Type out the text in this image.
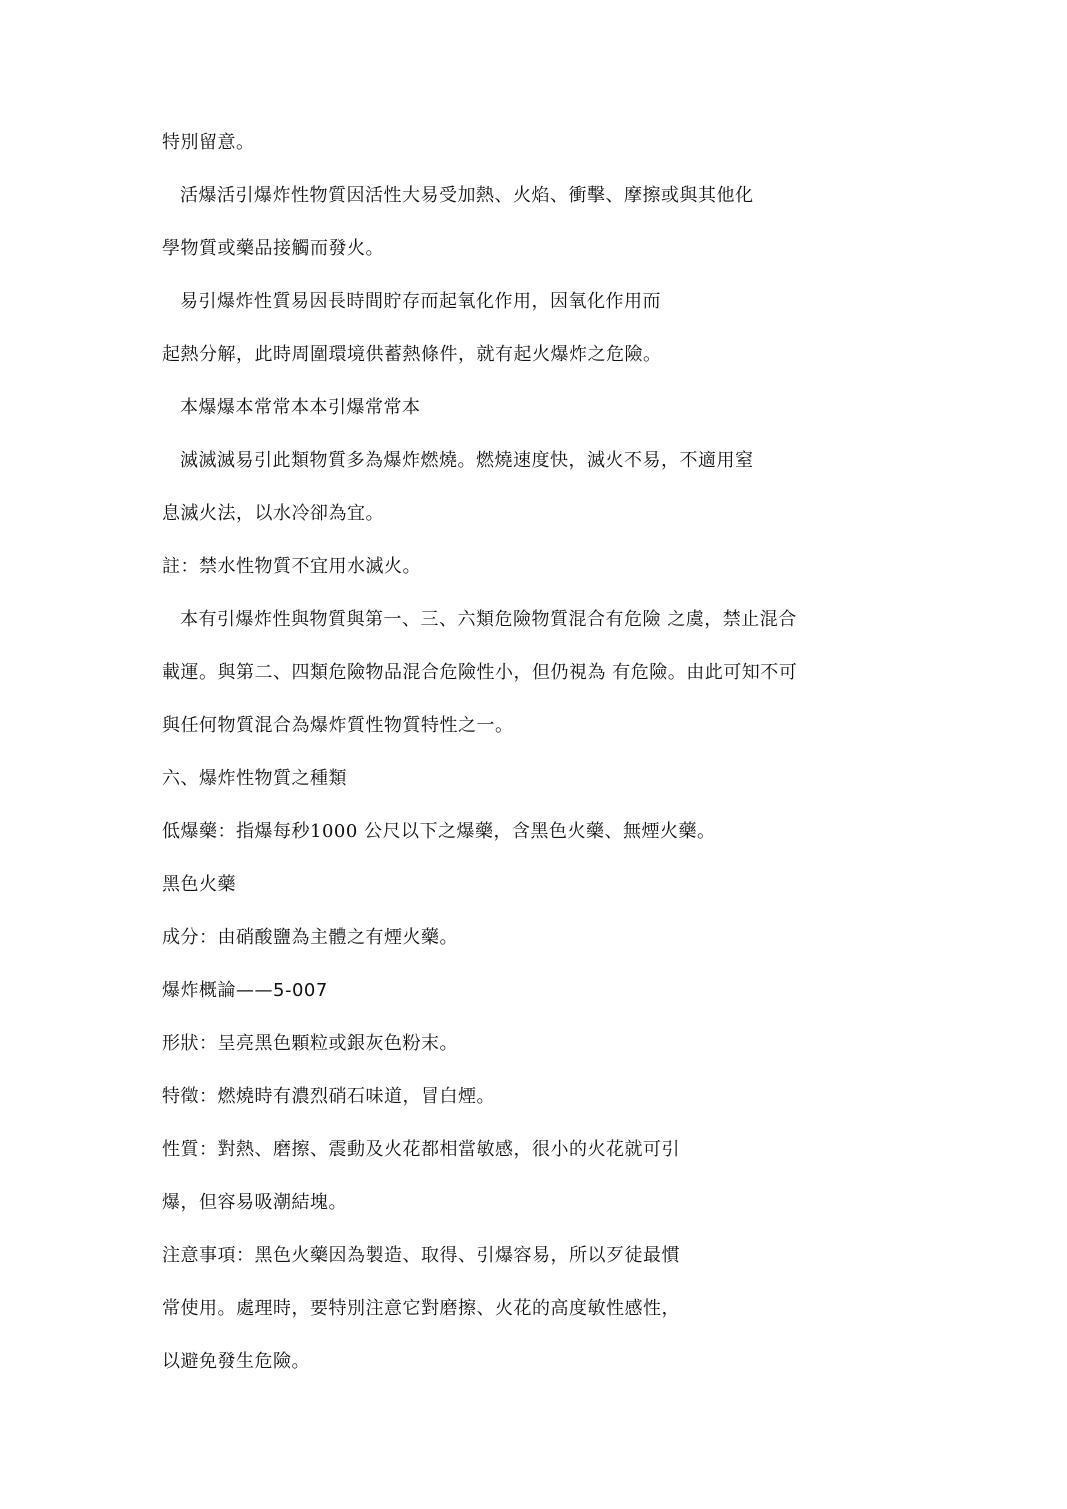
特別留意。
活爆活引爆炸性物質因活性大易受加熱、火焰、衝擊、摩擦或與其他化
學物質或藥品接觸而發火。
易引爆炸性質易因長時間貯存而起氧化作用，因氧化作用而
起熱分解，此時周圍環境供蓄熱條件，就有起火爆炸之危險。
本爆爆本常常本本引爆常常本
滅滅滅易引此類物質多為爆炸燃燒。燃燒速度快，滅火不易，不適用窒
息滅火法，以水冷卻為宜。
註：禁水性物質不宜用水滅火。
本有引爆炸性與物質與第一、三、六類危險物質混合有危險 之虞，禁止混合
載運。與第二、四類危險物品混合危險性小，但仍視為 有危險。由此可知不可
與任何物質混合為爆炸質性物質特性之一。
六、爆炸性物質之種類
低爆藥：指爆每秒1000 公尺以下之爆藥，含黑色火藥、無煙火藥。
黑色火藥
成分：由硝酸鹽為主體之有煙火藥。
爆炸概論——5-007
形狀：呈亮黑色顆粒或銀灰色粉末。
特徵：燃燒時有濃烈硝石味道，冒白煙。
性質：對熱、磨擦、震動及火花都相當敏感，很小的火花就可引
爆，但容易吸潮結塊。
注意事項：黑色火藥因為製造、取得、引爆容易，所以歹徒最慣
常使用。處理時，要特別注意它對磨擦、火花的高度敏性感性，
以避免發生危險。
